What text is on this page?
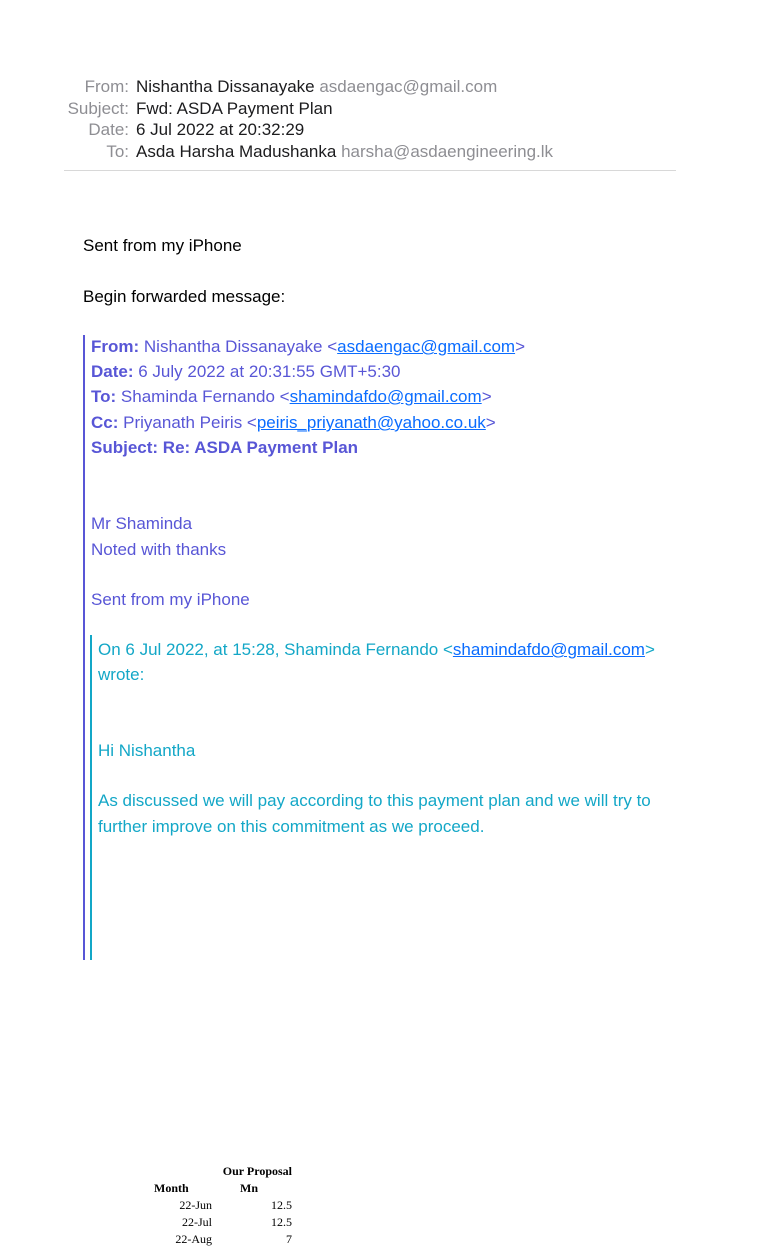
From: Nishantha Dissanayake asdaengac@gmail.com
Subject: Fwd: ASDA Payment Plan
Date: 6 Jul 2022 at 20:32:29
To: Asda Harsha Madushanka harsha@asdaengineering.lk
Sent from my iPhone
Begin forwarded message:
From: Nishantha Dissanayake <asdaengac@gmail.com>
Date: 6 July 2022 at 20:31:55 GMT+5:30
To: Shaminda Fernando <shamindafdo@gmail.com>
Cc: Priyanath Peiris <peiris_priyanath@yahoo.co.uk>
Subject: Re: ASDA Payment Plan
Mr Shaminda
Noted with thanks
Sent from my iPhone
On 6 Jul 2022, at 15:28, Shaminda Fernando <shamindafdo@gmail.com>
wrote:
Hi Nishantha
As discussed we will pay according to this payment plan and we will try to
further improve on this commitment as we proceed.
	Our Proposal
Month	Mn
22-Jun	12.5
22-Jul	12.5
22-Aug	7
